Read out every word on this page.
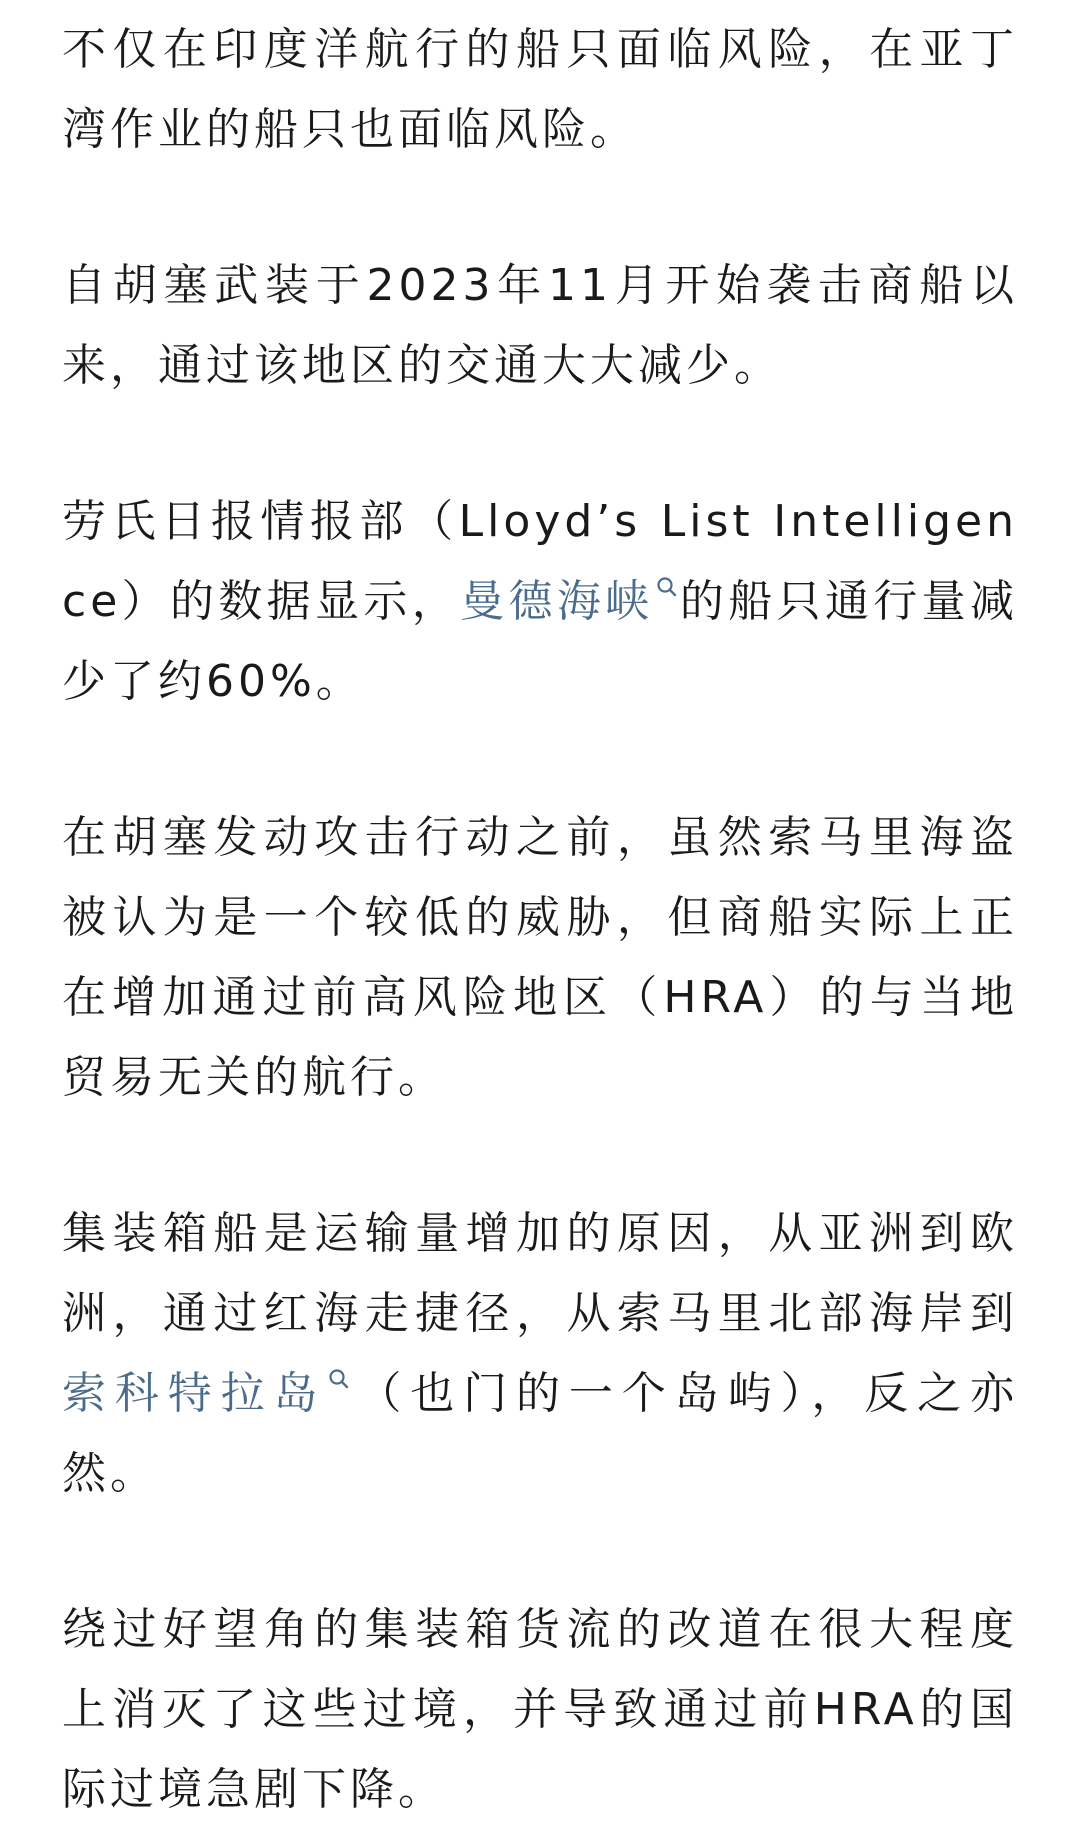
不仅在印度洋航行的船只面临风险，在亚丁湾作业的船只也面临风险。

自胡塞武装于2023年11月开始袭击商船以来，通过该地区的交通大大减少。

劳氏日报情报部（Lloyd’s List Intelligence）的数据显示，曼德海峡 的船只通行量减少了约60%。

在胡塞发动攻击行动之前，虽然索马里海盗被认为是一个较低的威胁，但商船实际上正在增加通过前高风险地区（HRA）的与当地贸易无关的航行。

集装箱船是运输量增加的原因，从亚洲到欧洲，通过红海走捷径，从索马里北部海岸到索科特拉岛 （也门的一个岛屿），反之亦然。

绕过好望角的集装箱货流的改道在很大程度上消灭了这些过境，并导致通过前HRA的国际过境急剧下降。
